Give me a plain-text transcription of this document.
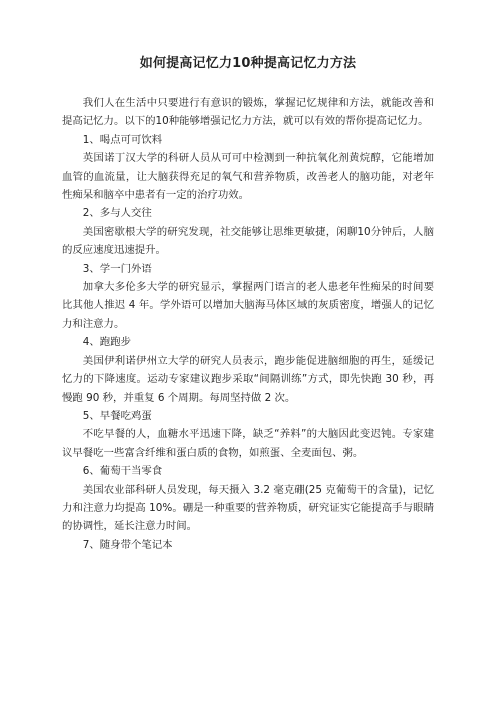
如何提高记忆力10种提高记忆力方法

我们人在生活中只要进行有意识的锻炼，掌握记忆规律和方法，就能改善和提高记忆力。以下的10种能够增强记忆力方法，就可以有效的帮你提高记忆力。

1、喝点可可饮料

英国诺丁汉大学的科研人员从可可中检测到一种抗氧化剂黄烷醇，它能增加血管的血流量，让大脑获得充足的氧气和营养物质，改善老人的脑功能，对老年性痴呆和脑卒中患者有一定的治疗功效。

2、多与人交往

美国密歇根大学的研究发现，社交能够让思维更敏捷，闲聊10分钟后，人脑的反应速度迅速提升。

3、学一门外语

加拿大多伦多大学的研究显示，掌握两门语言的老人患老年性痴呆的时间要比其他人推迟 4 年。学外语可以增加大脑海马体区域的灰质密度，增强人的记忆力和注意力。

4、跑跑步

美国伊利诺伊州立大学的研究人员表示，跑步能促进脑细胞的再生，延缓记忆力的下降速度。运动专家建议跑步采取“间隔训练”方式，即先快跑 30 秒，再慢跑 90 秒，并重复 6 个周期。每周坚持做 2 次。

5、早餐吃鸡蛋

不吃早餐的人，血糖水平迅速下降，缺乏“养料”的大脑因此变迟钝。专家建议早餐吃一些富含纤维和蛋白质的食物，如煎蛋、全麦面包、粥。

6、葡萄干当零食

美国农业部科研人员发现，每天摄入 3.2 毫克硼(25 克葡萄干的含量)，记忆力和注意力均提高 10%。硼是一种重要的营养物质，研究证实它能提高手与眼睛的协调性，延长注意力时间。

7、随身带个笔记本
